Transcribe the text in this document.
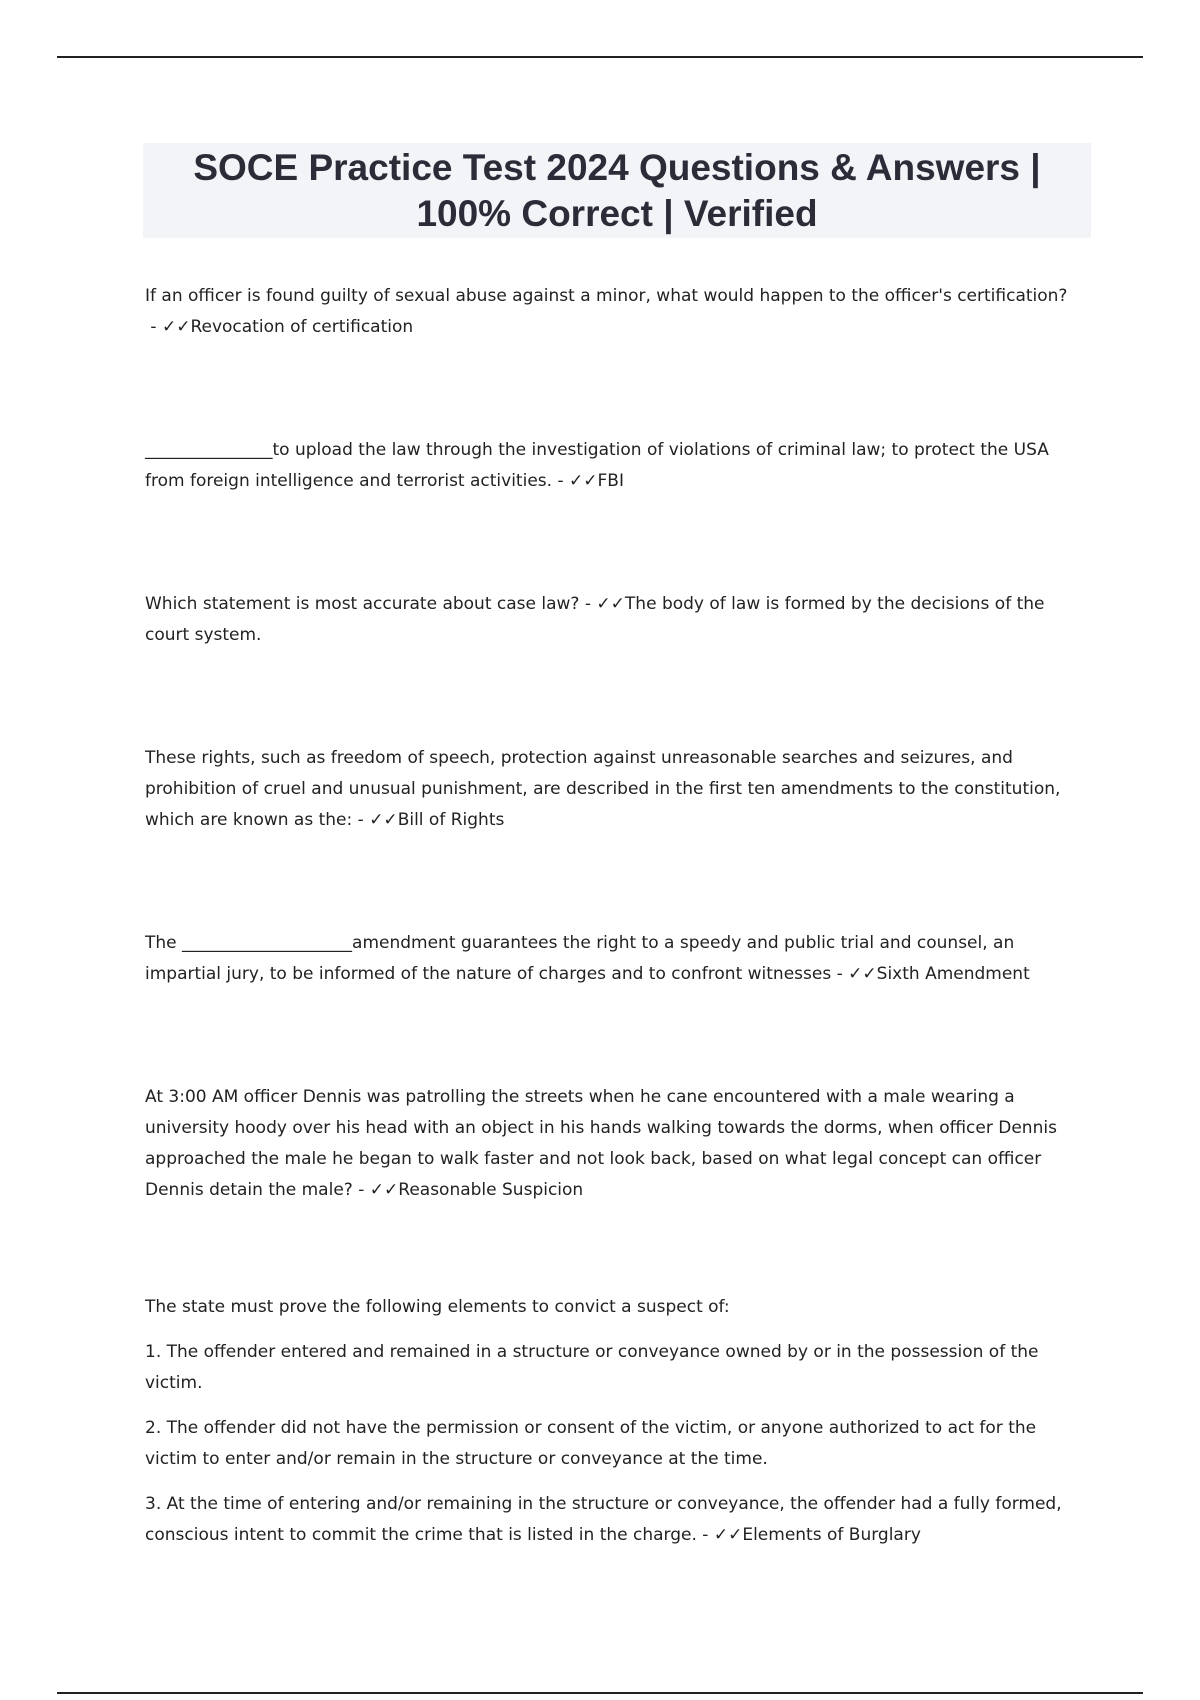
SOCE Practice Test 2024 Questions & Answers | 100% Correct | Verified

If an officer is found guilty of sexual abuse against a minor, what would happen to the officer's certification? - ✓✓Revocation of certification

_______________to upload the law through the investigation of violations of criminal law; to protect the USA from foreign intelligence and terrorist activities. - ✓✓FBI

Which statement is most accurate about case law? - ✓✓The body of law is formed by the decisions of the court system.

These rights, such as freedom of speech, protection against unreasonable searches and seizures, and prohibition of cruel and unusual punishment, are described in the first ten amendments to the constitution, which are known as the: - ✓✓Bill of Rights

The ____________________amendment guarantees the right to a speedy and public trial and counsel, an impartial jury, to be informed of the nature of charges and to confront witnesses - ✓✓Sixth Amendment

At 3:00 AM officer Dennis was patrolling the streets when he cane encountered with a male wearing a university hoody over his head with an object in his hands walking towards the dorms, when officer Dennis approached the male he began to walk faster and not look back, based on what legal concept can officer Dennis detain the male? - ✓✓Reasonable Suspicion

The state must prove the following elements to convict a suspect of:

1. The offender entered and remained in a structure or conveyance owned by or in the possession of the victim.

2. The offender did not have the permission or consent of the victim, or anyone authorized to act for the victim to enter and/or remain in the structure or conveyance at the time.

3. At the time of entering and/or remaining in the structure or conveyance, the offender had a fully formed, conscious intent to commit the crime that is listed in the charge. - ✓✓Elements of Burglary
